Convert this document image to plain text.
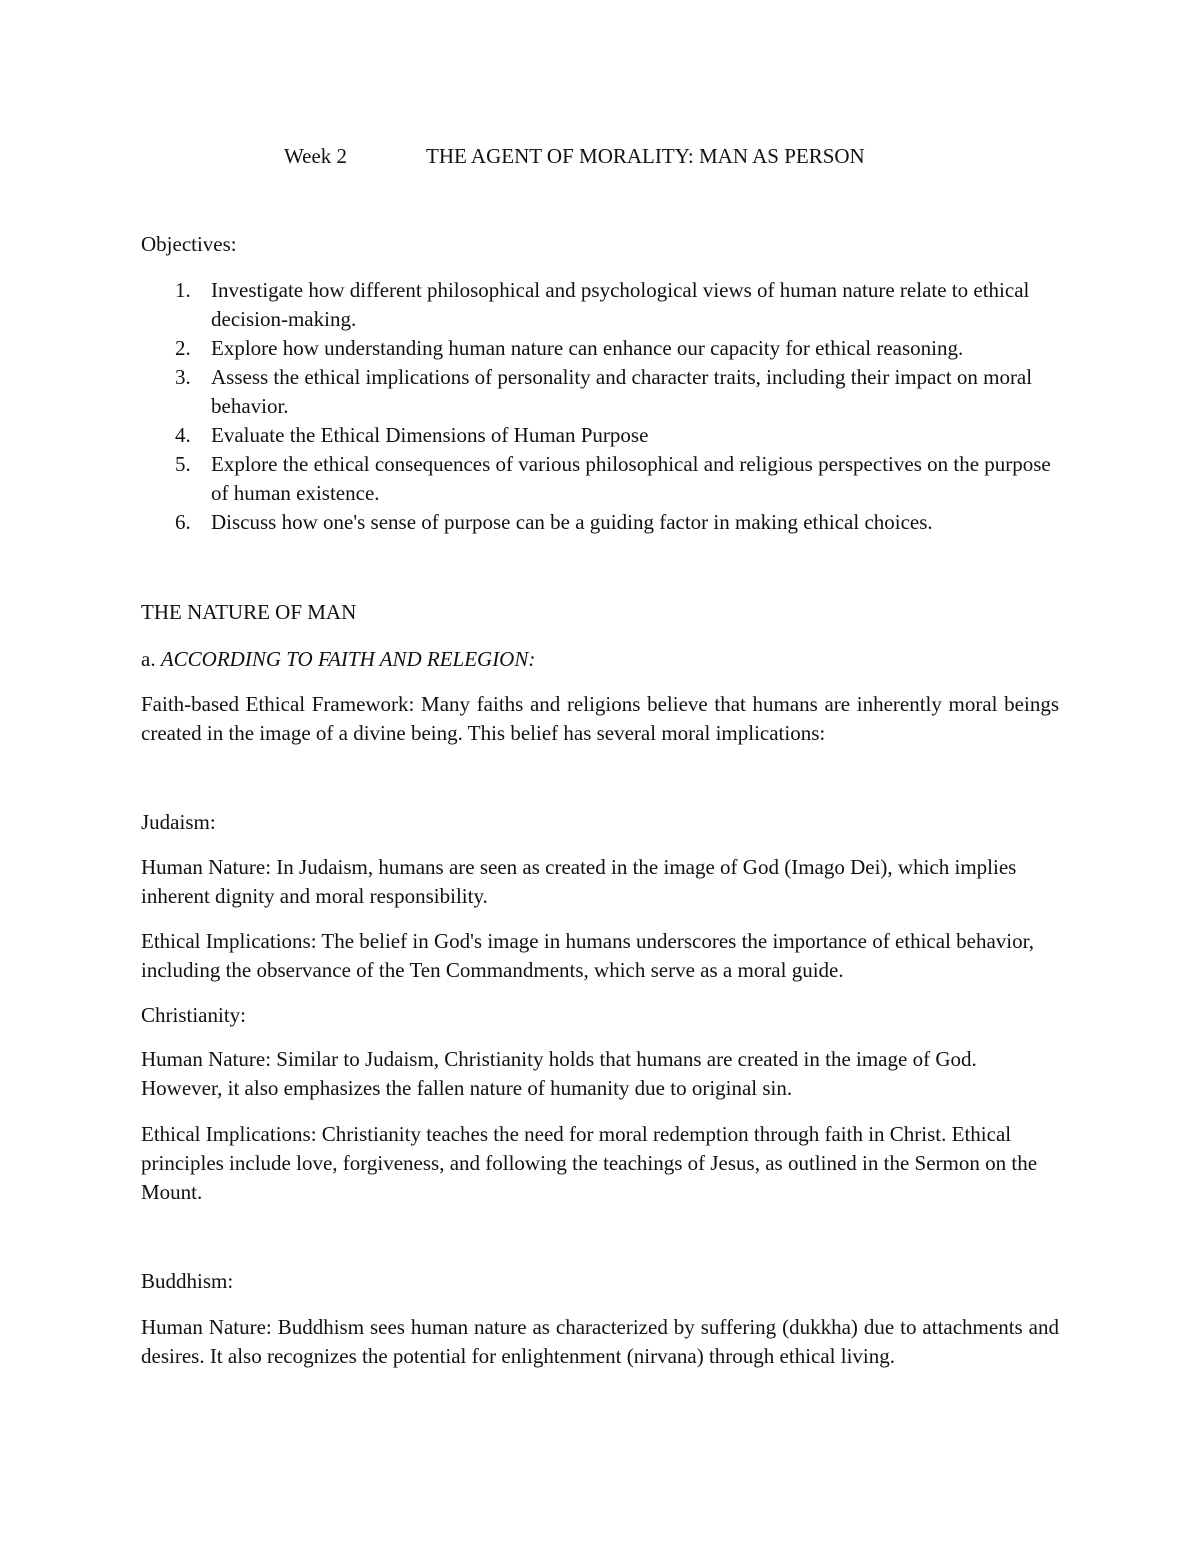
Week 2	THE AGENT OF MORALITY: MAN AS PERSON
Objectives:
1. Investigate how different philosophical and psychological views of human nature relate to ethical decision-making.
2. Explore how understanding human nature can enhance our capacity for ethical reasoning.
3. Assess the ethical implications of personality and character traits, including their impact on moral behavior.
4. Evaluate the Ethical Dimensions of Human Purpose
5. Explore the ethical consequences of various philosophical and religious perspectives on the purpose of human existence.
6. Discuss how one's sense of purpose can be a guiding factor in making ethical choices.
THE NATURE OF MAN
a. ACCORDING TO FAITH AND RELEGION:
Faith-based Ethical Framework: Many faiths and religions believe that humans are inherently moral beings created in the image of a divine being. This belief has several moral implications:
Judaism:
Human Nature: In Judaism, humans are seen as created in the image of God (Imago Dei), which implies inherent dignity and moral responsibility.
Ethical Implications: The belief in God's image in humans underscores the importance of ethical behavior, including the observance of the Ten Commandments, which serve as a moral guide.
Christianity:
Human Nature: Similar to Judaism, Christianity holds that humans are created in the image of God. However, it also emphasizes the fallen nature of humanity due to original sin.
Ethical Implications: Christianity teaches the need for moral redemption through faith in Christ. Ethical principles include love, forgiveness, and following the teachings of Jesus, as outlined in the Sermon on the Mount.
Buddhism:
Human Nature: Buddhism sees human nature as characterized by suffering (dukkha) due to attachments and desires. It also recognizes the potential for enlightenment (nirvana) through ethical living.
